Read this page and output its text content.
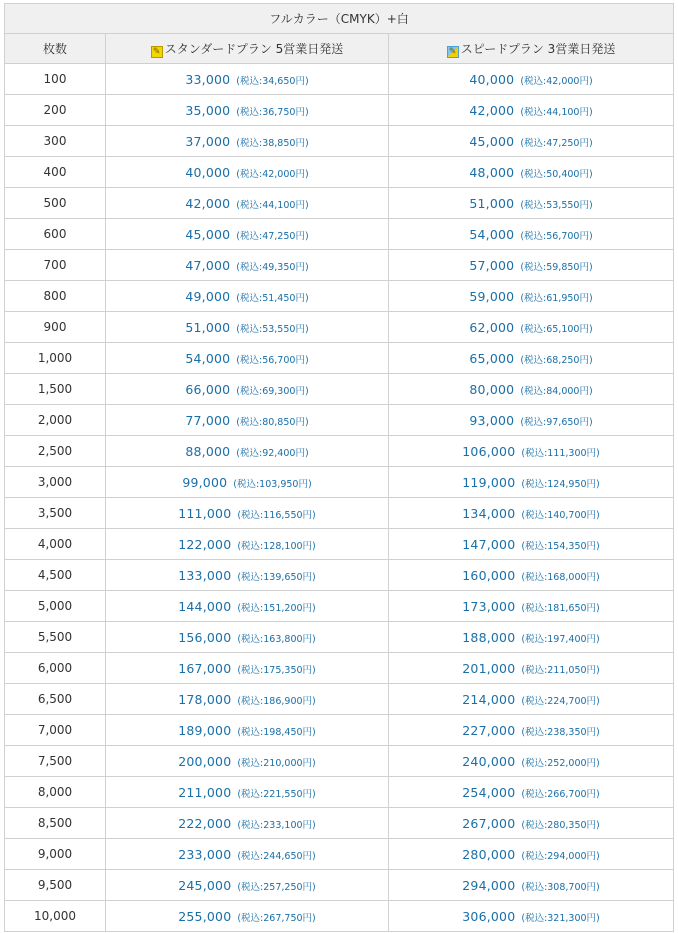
フルカラー（CMYK）+白		
枚数	✎ スタンダードプラン 5営業日発送	✎ スピードプラン 3営業日発送
100	33,000 (税込:34,650円)	40,000 (税込:42,000円)
200	35,000 (税込:36,750円)	42,000 (税込:44,100円)
300	37,000 (税込:38,850円)	45,000 (税込:47,250円)
400	40,000 (税込:42,000円)	48,000 (税込:50,400円)
500	42,000 (税込:44,100円)	51,000 (税込:53,550円)
600	45,000 (税込:47,250円)	54,000 (税込:56,700円)
700	47,000 (税込:49,350円)	57,000 (税込:59,850円)
800	49,000 (税込:51,450円)	59,000 (税込:61,950円)
900	51,000 (税込:53,550円)	62,000 (税込:65,100円)
1,000	54,000 (税込:56,700円)	65,000 (税込:68,250円)
1,500	66,000 (税込:69,300円)	80,000 (税込:84,000円)
2,000	77,000 (税込:80,850円)	93,000 (税込:97,650円)
2,500	88,000 (税込:92,400円)	106,000 (税込:111,300円)
3,000	99,000 (税込:103,950円)	119,000 (税込:124,950円)
3,500	111,000 (税込:116,550円)	134,000 (税込:140,700円)
4,000	122,000 (税込:128,100円)	147,000 (税込:154,350円)
4,500	133,000 (税込:139,650円)	160,000 (税込:168,000円)
5,000	144,000 (税込:151,200円)	173,000 (税込:181,650円)
5,500	156,000 (税込:163,800円)	188,000 (税込:197,400円)
6,000	167,000 (税込:175,350円)	201,000 (税込:211,050円)
6,500	178,000 (税込:186,900円)	214,000 (税込:224,700円)
7,000	189,000 (税込:198,450円)	227,000 (税込:238,350円)
7,500	200,000 (税込:210,000円)	240,000 (税込:252,000円)
8,000	211,000 (税込:221,550円)	254,000 (税込:266,700円)
8,500	222,000 (税込:233,100円)	267,000 (税込:280,350円)
9,000	233,000 (税込:244,650円)	280,000 (税込:294,000円)
9,500	245,000 (税込:257,250円)	294,000 (税込:308,700円)
10,000	255,000 (税込:267,750円)	306,000 (税込:321,300円)
